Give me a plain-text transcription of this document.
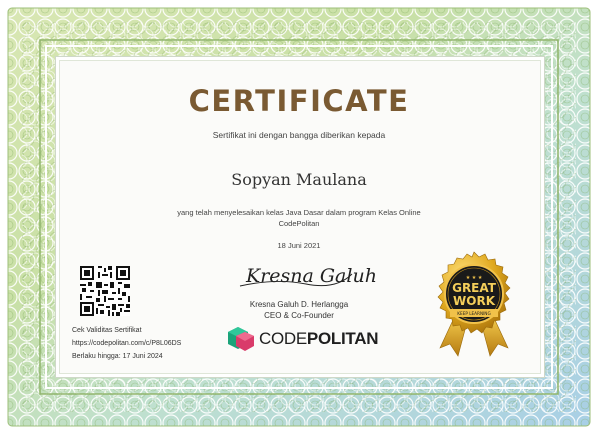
CERTIFICATE
Sertifikat ini dengan bangga diberikan kepada
Sopyan Maulana
yang telah menyelesaikan kelas Java Dasar dalam program Kelas Online
CodePolitan
18 Juni 2021
Kresna Galuh
Kresna Galuh D. Herlangga
CEO & Co-Founder
CODEPOLITAN
Cek Validitas Sertifikat
https://codepolitan.com/c/P8L06DS
Berlaku hingga: 17 Juni 2024
★ ★ ★
GREAT
WORK
KEEP LEARNING
